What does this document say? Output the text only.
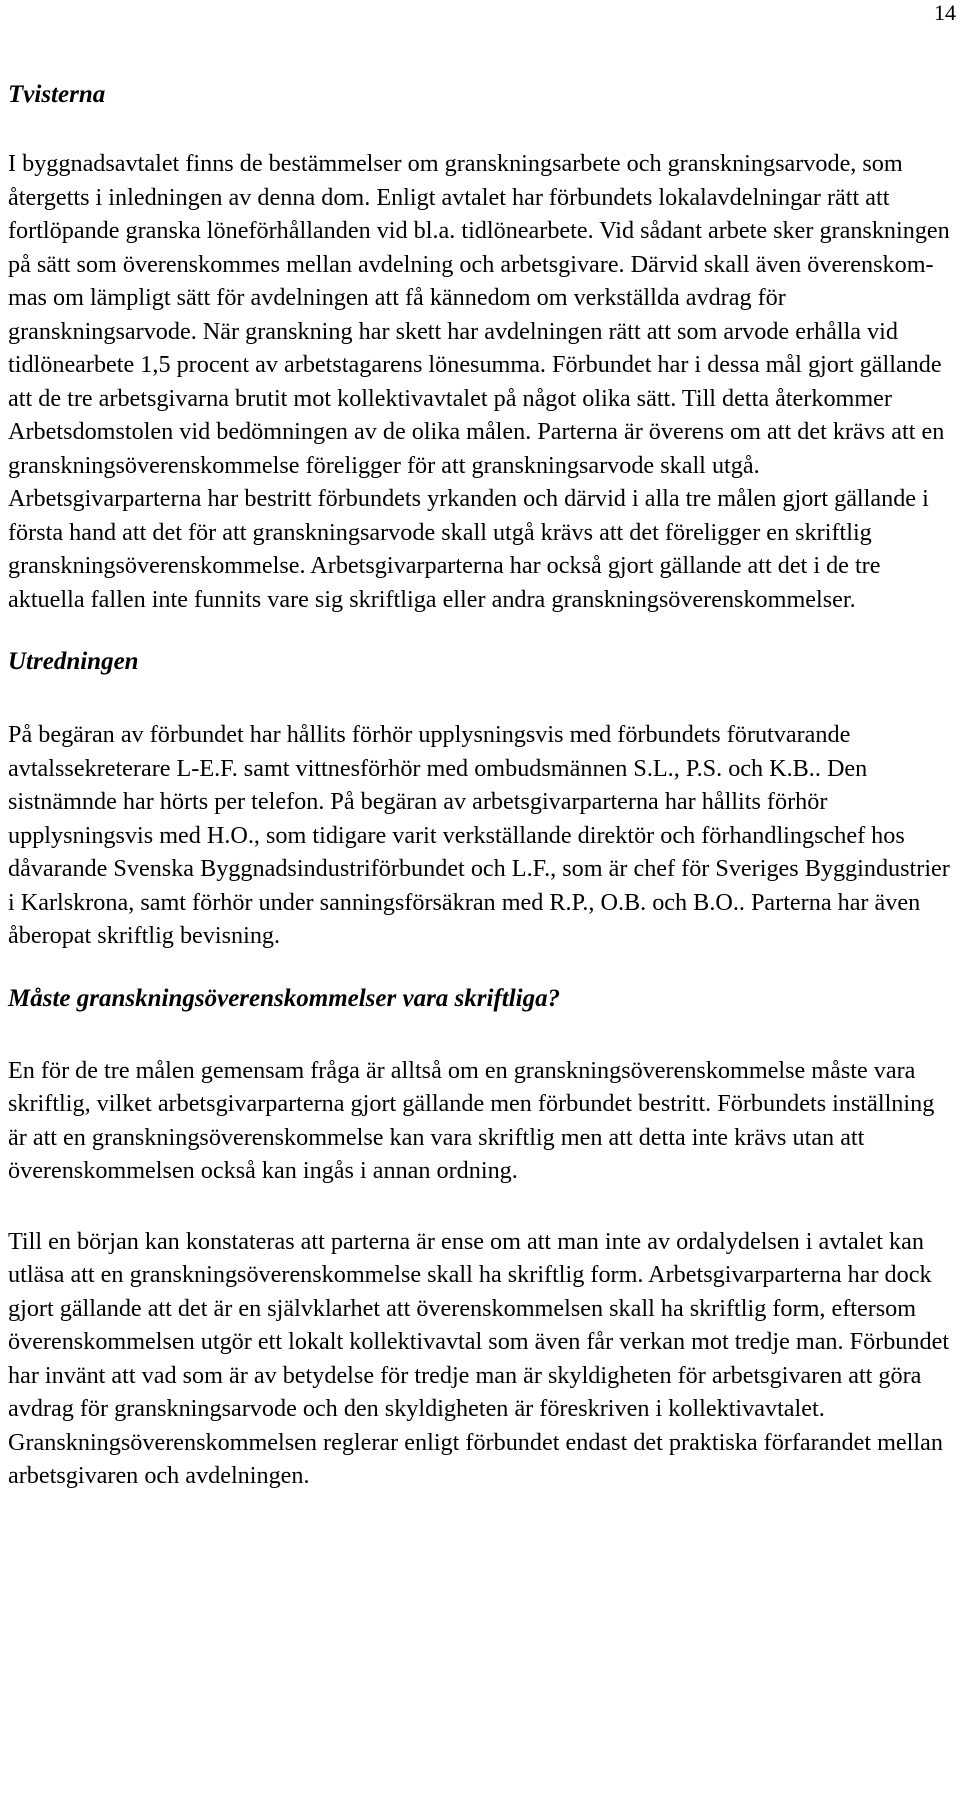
14
Tvisterna

I byggnadsavtalet finns de bestämmelser om granskningsarbete och granskningsarvode, som återgetts i inledningen av denna dom. Enligt avtalet har förbundets lokalavdelningar rätt att fortlöpande granska löneförhållanden vid bl.a. tidlönearbete. Vid sådant arbete sker granskningen på sätt som överenskommes mellan avdelning och arbetsgivare. Därvid skall även överenskommas om lämpligt sätt för avdelningen att få kännedom om verkställda avdrag för granskningsarvode. När granskning har skett har avdelningen rätt att som arvode erhålla vid tidlönearbete 1,5 procent av arbetstagarens lönesumma. Förbundet har i dessa mål gjort gällande att de tre arbetsgivarna brutit mot kollektivavtalet på något olika sätt. Till detta återkommer Arbetsdomstolen vid bedömningen av de olika målen. Parterna är överens om att det krävs att en granskningsöverenskommelse föreligger för att granskningsarvode skall utgå. Arbetsgivarparterna har bestritt förbundets yrkanden och därvid i alla tre målen gjort gällande i första hand att det för att granskningsarvode skall utgå krävs att det föreligger en skriftlig granskningsöverenskommelse. Arbetsgivarparterna har också gjort gällande att det i de tre aktuella fallen inte funnits vare sig skriftliga eller andra granskningsöverenskommelser.

Utredningen

På begäran av förbundet har hållits förhör upplysningsvis med förbundets förutvarande avtalssekreterare L-E.F. samt vittnesförhör med ombudsmännen S.L., P.S. och K.B.. Den sistnämnde har hörts per telefon. På begäran av arbetsgivarparterna har hållits förhör upplysningsvis med H.O., som tidigare varit verkställande direktör och förhandlingschef hos dåvarande Svenska Byggnadsindustriförbundet och L.F., som är chef för Sveriges Byggindustrier i Karlskrona, samt förhör under sanningsförsäkran med R.P., O.B. och B.O.. Parterna har även åberopat skriftlig bevisning.

Måste granskningsöverenskommelser vara skriftliga?

En för de tre målen gemensam fråga är alltså om en granskningsöverenskommelse måste vara skriftlig, vilket arbetsgivarparterna gjort gällande men förbundet bestritt. Förbundets inställning är att en granskningsöverenskommelse kan vara skriftlig men att detta inte krävs utan att överenskommelsen också kan ingås i annan ordning.

Till en början kan konstateras att parterna är ense om att man inte av ordalydelsen i avtalet kan utläsa att en granskningsöverenskommelse skall ha skriftlig form. Arbetsgivarparterna har dock gjort gällande att det är en självklarhet att överenskommelsen skall ha skriftlig form, eftersom överenskommelsen utgör ett lokalt kollektivavtal som även får verkan mot tredje man. Förbundet har invänt att vad som är av betydelse för tredje man är skyldigheten för arbetsgivaren att göra avdrag för granskningsarvode och den skyldigheten är föreskriven i kollektivavtalet. Granskningsöverenskommelsen reglerar enligt förbundet endast det praktiska förfarandet mellan arbetsgivaren och avdelningen.
